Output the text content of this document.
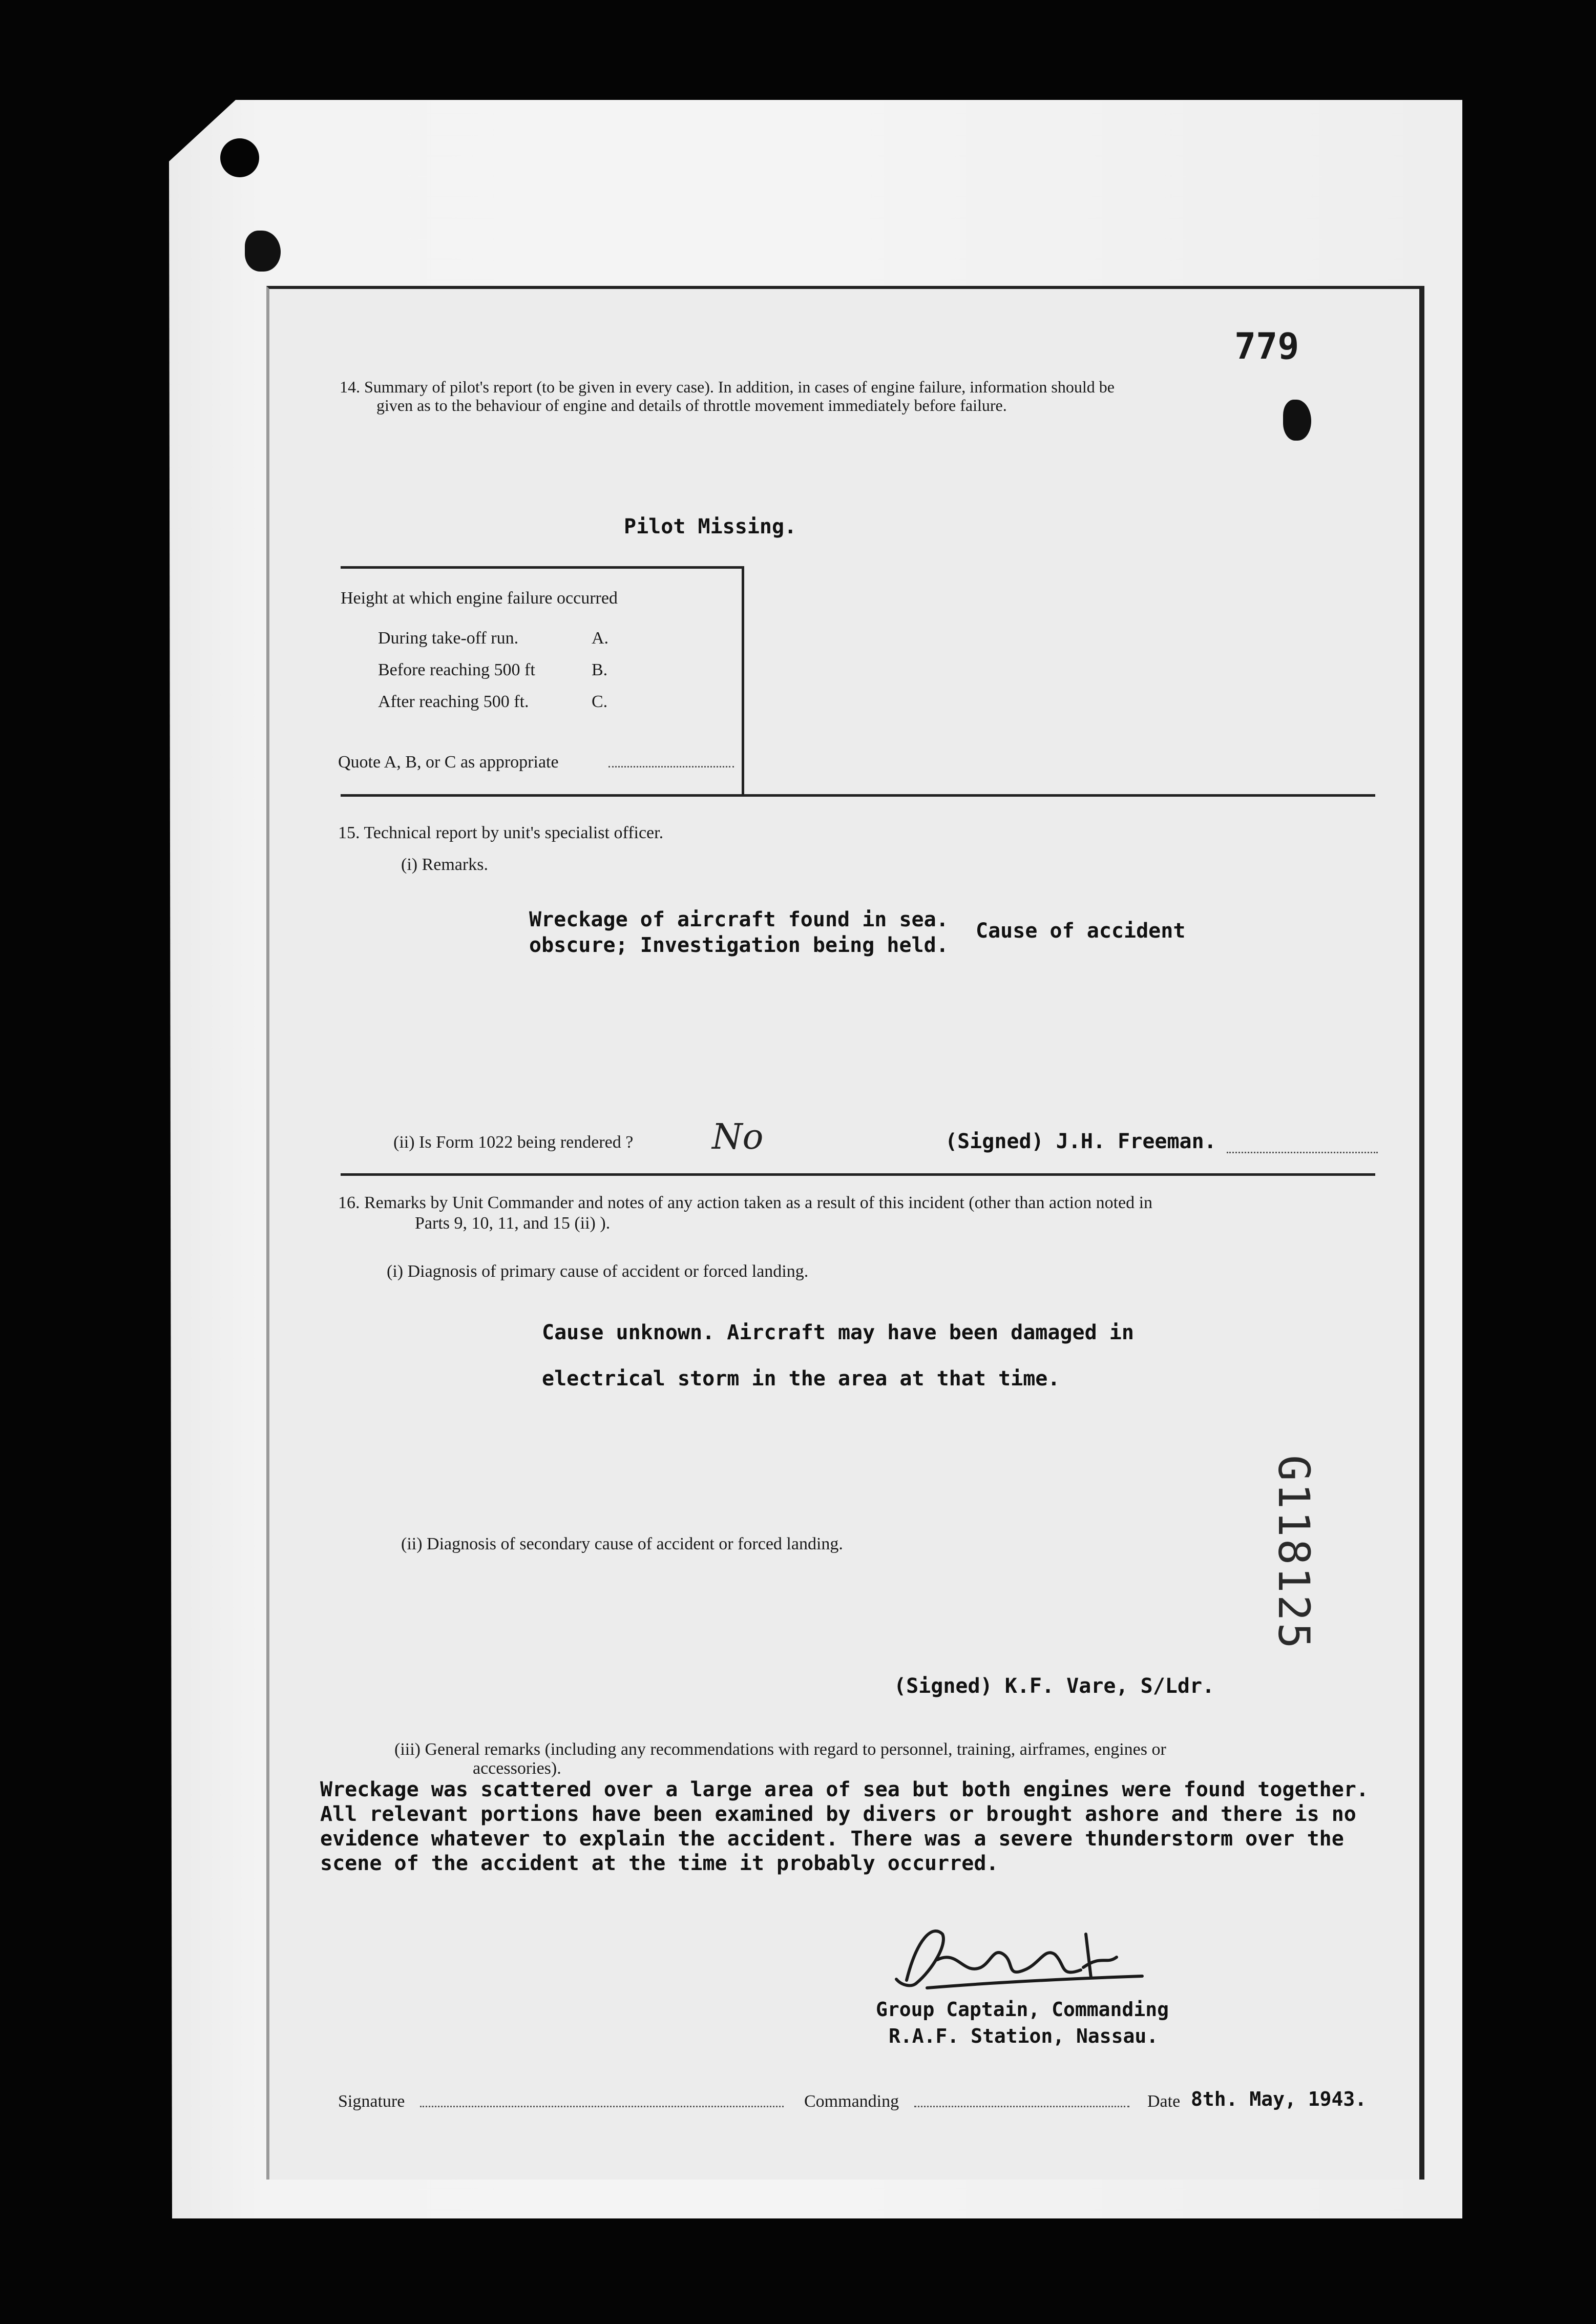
779
14. Summary of pilot's report (to be given in every case). In addition, in cases of engine failure, information should be
given as to the behaviour of engine and details of throttle movement immediately before failure.
Pilot Missing.
Height at which engine failure occurred
During take-off run.	A.
Before reaching 500 ft	B.
After reaching 500 ft.	C.
Quote A, B, or C as appropriate
15. Technical report by unit's specialist officer.
(i) Remarks.
Wreckage of aircraft found in sea. Cause of accident
obscure; Investigation being held.
(ii) Is Form 1022 being rendered ? No	(Signed) J.H. Freeman.
16. Remarks by Unit Commander and notes of any action taken as a result of this incident (other than action noted in
Parts 9, 10, 11, and 15 (ii) ).
(i) Diagnosis of primary cause of accident or forced landing.
Cause unknown. Aircraft may have been damaged in
electrical storm in the area at that time.
(ii) Diagnosis of secondary cause of accident or forced landing.
(Signed) K.F. Vare, S/Ldr.
(iii) General remarks (including any recommendations with regard to personnel, training, airframes, engines or
accessories).
Wreckage was scattered over a large area of sea but both engines were found together.
All relevant portions have been examined by divers or brought ashore and there is no
evidence whatever to explain the accident. There was a severe thunderstorm over the
scene of the accident at the time it probably occurred.
Group Captain, Commanding
R.A.F. Station, Nassau.
Signature	Commanding	Date 8th. May, 1943.
G118125
